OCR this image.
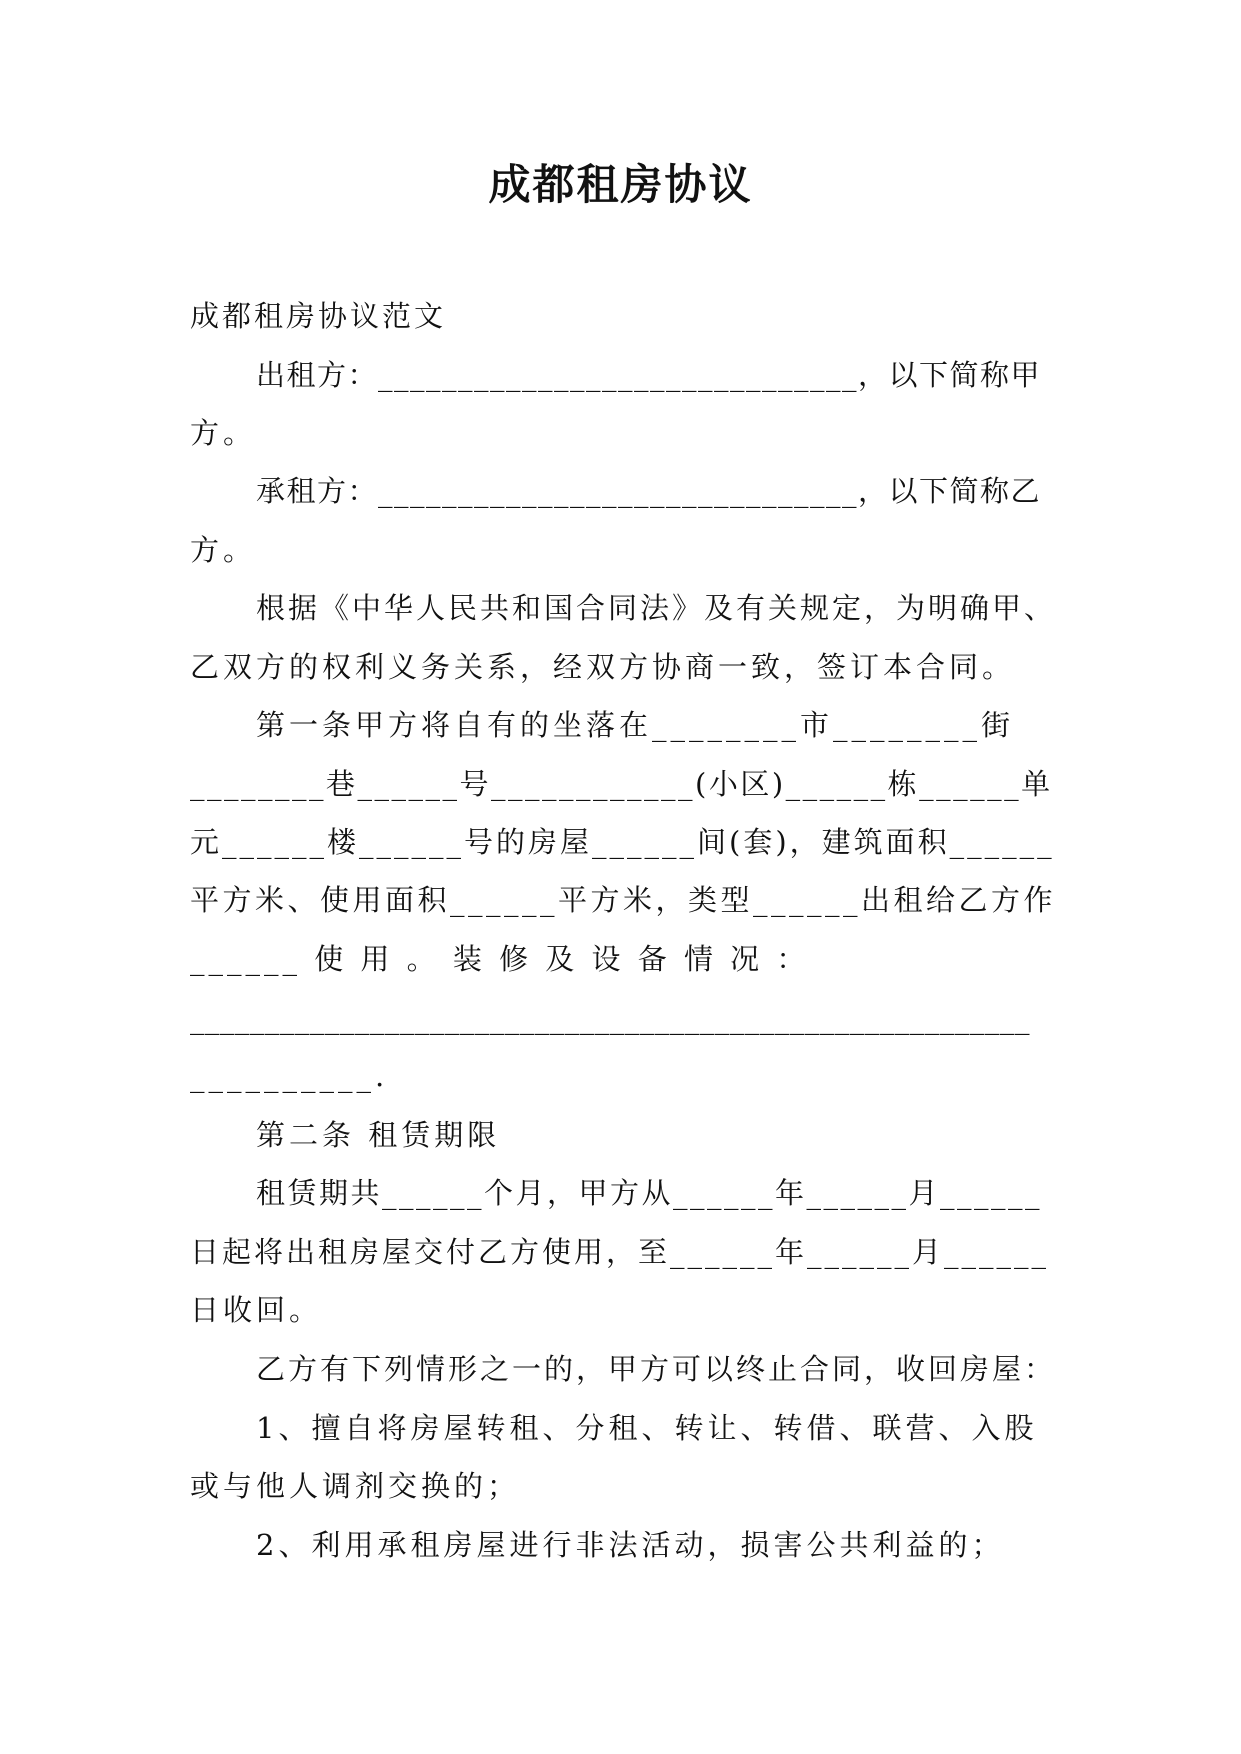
成都租房协议
成都租房协议范文
出租方：______________________________，以下简称甲
方。
承租方：______________________________，以下简称乙
方。
根据《中华人民共和国合同法》及有关规定，为明确甲、
乙双方的权利义务关系，经双方协商一致，签订本合同。
第一条甲方将自有的坐落在________市________街
________巷______号____________(小区)______栋______单
元______楼______号的房屋______间(套)，建筑面积______
平方米、使用面积______平方米，类型______出租给乙方作
______ 使 用 。 装 修 及 设 备 情 况 ：
________________________________________________________
__________.
第二条 租赁期限
租赁期共______个月，甲方从______年______月______
日起将出租房屋交付乙方使用，至______年______月______
日收回。
乙方有下列情形之一的，甲方可以终止合同，收回房屋：
1、擅自将房屋转租、分租、转让、转借、联营、入股
或与他人调剂交换的；
2、利用承租房屋进行非法活动，损害公共利益的；
